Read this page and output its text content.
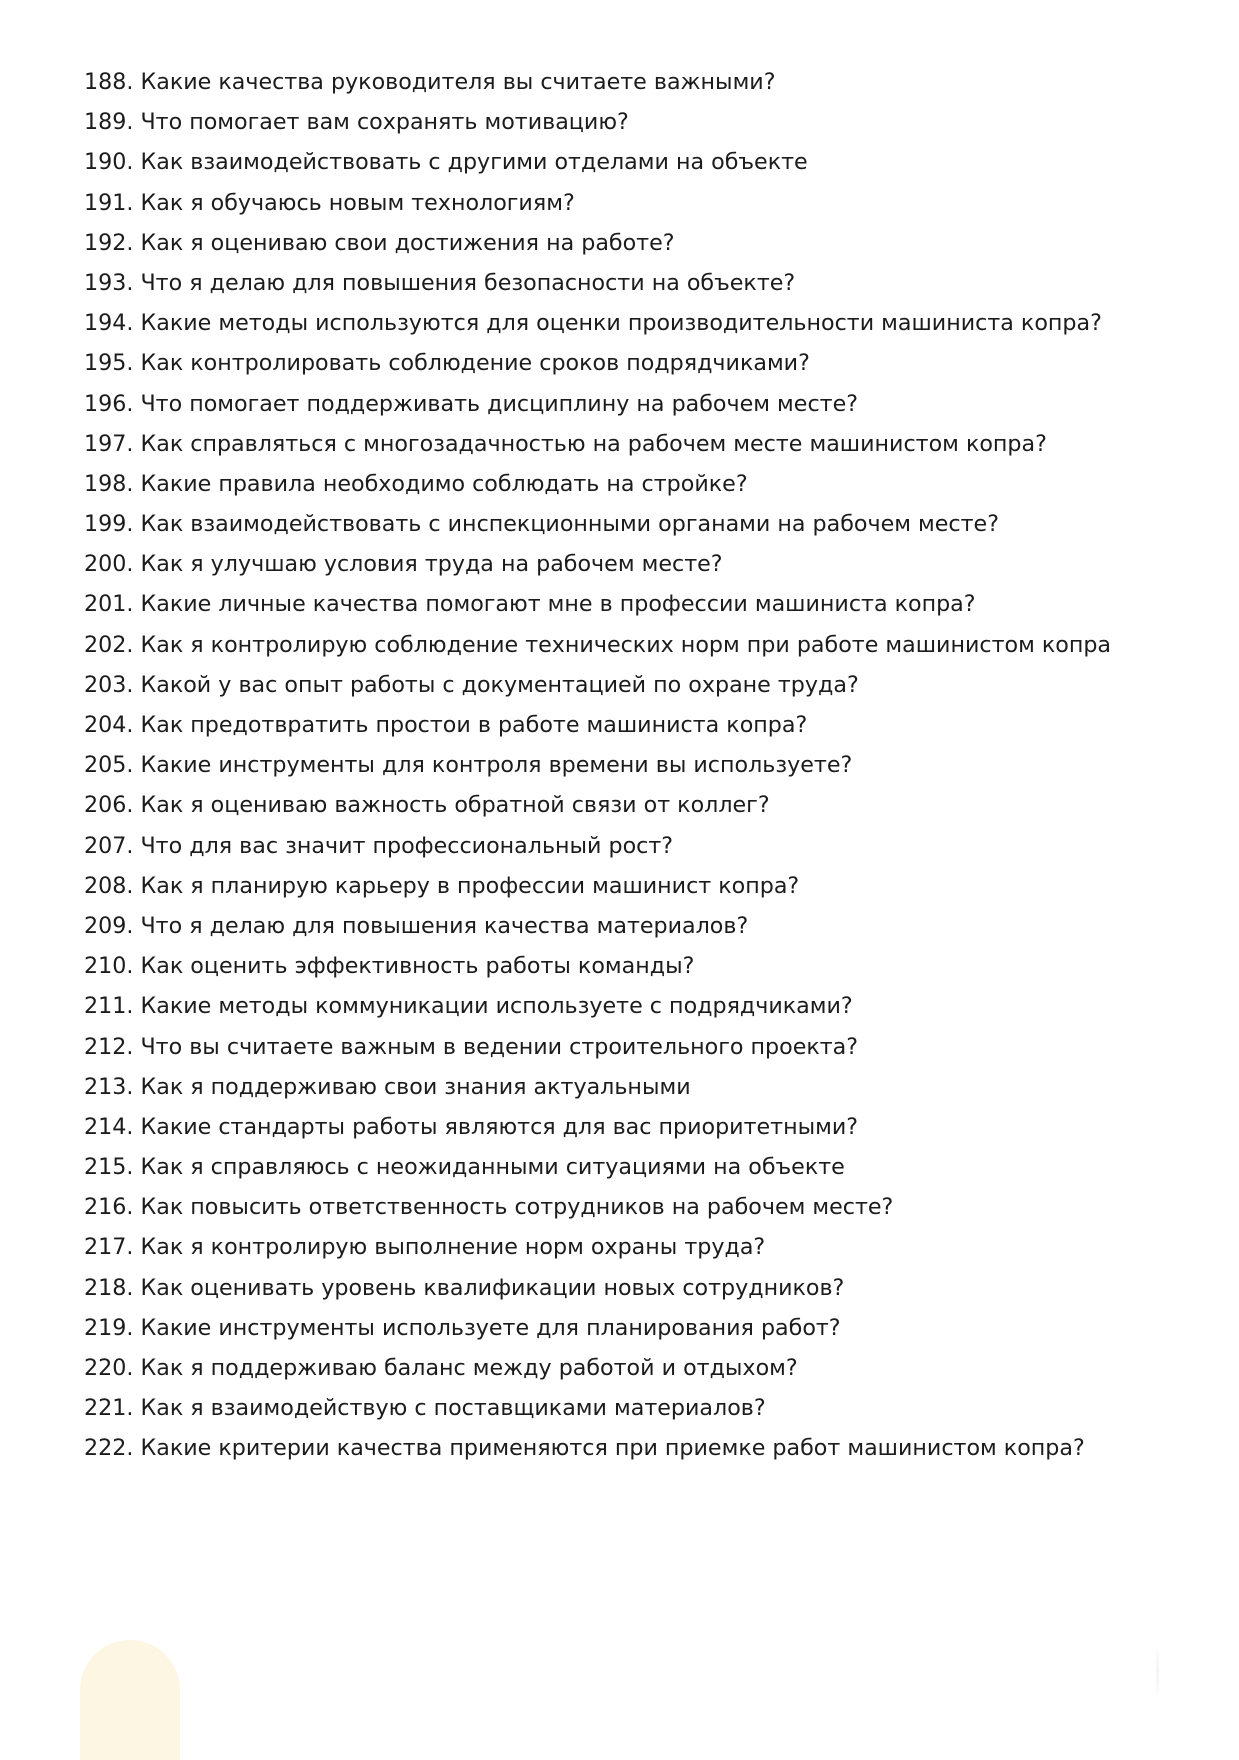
188. Какие качества руководителя вы считаете важными?
189. Что помогает вам сохранять мотивацию?
190. Как взаимодействовать с другими отделами на объекте
191. Как я обучаюсь новым технологиям?
192. Как я оцениваю свои достижения на работе?
193. Что я делаю для повышения безопасности на объекте?
194. Какие методы используются для оценки производительности машиниста копра?
195. Как контролировать соблюдение сроков подрядчиками?
196. Что помогает поддерживать дисциплину на рабочем месте?
197. Как справляться с многозадачностью на рабочем месте машинистом копра?
198. Какие правила необходимо соблюдать на стройке?
199. Как взаимодействовать с инспекционными органами на рабочем месте?
200. Как я улучшаю условия труда на рабочем месте?
201. Какие личные качества помогают мне в профессии машиниста копра?
202. Как я контролирую соблюдение технических норм при работе машинистом копра
203. Какой у вас опыт работы с документацией по охране труда?
204. Как предотвратить простои в работе машиниста копра?
205. Какие инструменты для контроля времени вы используете?
206. Как я оцениваю важность обратной связи от коллег?
207. Что для вас значит профессиональный рост?
208. Как я планирую карьеру в профессии машинист копра?
209. Что я делаю для повышения качества материалов?
210. Как оценить эффективность работы команды?
211. Какие методы коммуникации используете с подрядчиками?
212. Что вы считаете важным в ведении строительного проекта?
213. Как я поддерживаю свои знания актуальными
214. Какие стандарты работы являются для вас приоритетными?
215. Как я справляюсь с неожиданными ситуациями на объекте
216. Как повысить ответственность сотрудников на рабочем месте?
217. Как я контролирую выполнение норм охраны труда?
218. Как оценивать уровень квалификации новых сотрудников?
219. Какие инструменты используете для планирования работ?
220. Как я поддерживаю баланс между работой и отдыхом?
221. Как я взаимодействую с поставщиками материалов?
222. Какие критерии качества применяются при приемке работ машинистом копра?
